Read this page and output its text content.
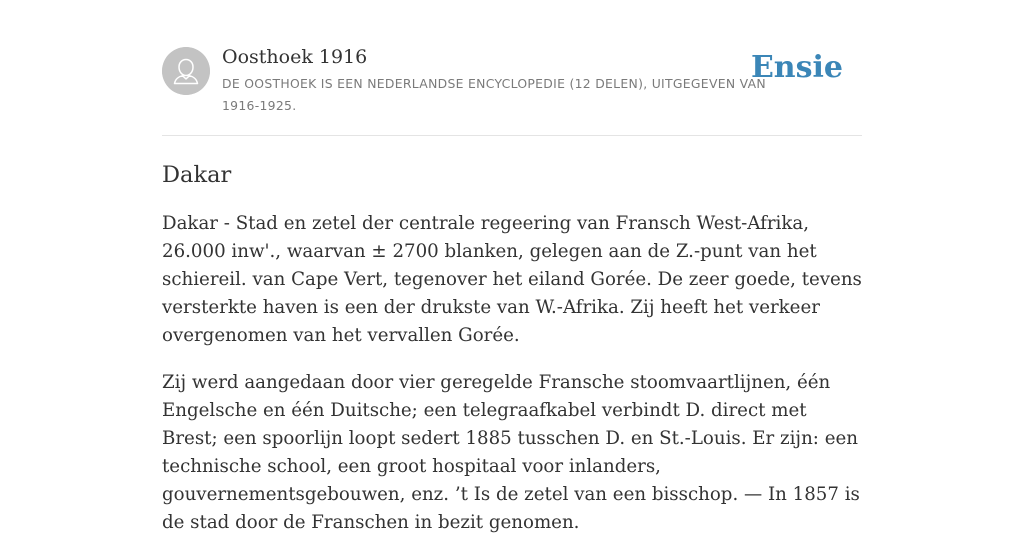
Oosthoek 1916
DE OOSTHOEK IS EEN NEDERLANDSE ENCYCLOPEDIE (12 DELEN), UITGEGEVEN VAN 1916-1925.
Ensie
Dakar

Dakar - Stad en zetel der centrale regeering van Fransch West-Afrika, 26.000 inw'., waarvan ± 2700 blanken, gelegen aan de Z.-punt van het schiereil. van Cape Vert, tegenover het eiland Gorée. De zeer goede, tevens versterkte haven is een der drukste van W.-Afrika. Zij heeft het verkeer overgenomen van het vervallen Gorée.

Zij werd aangedaan door vier geregelde Fransche stoomvaartlijnen, één Engelsche en één Duitsche; een telegraafkabel verbindt D. direct met Brest; een spoorlijn loopt sedert 1885 tusschen D. en St.-Louis. Er zijn: een technische school, een groot hospitaal voor inlanders, gouvernementsgebouwen, enz. ’t Is de zetel van een bisschop. — In 1857 is de stad door de Franschen in bezit genomen.
